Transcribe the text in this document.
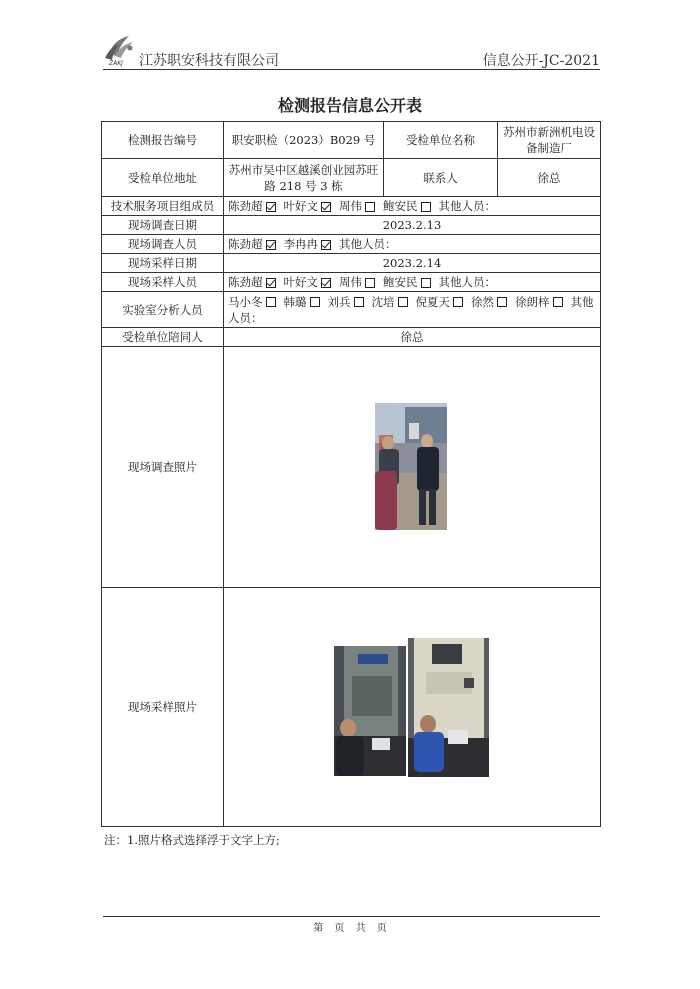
ZAKJ 江苏职安科技有限公司	信息公开-JC-2021
检测报告信息公开表
检测报告编号	职安职检（2023）B029 号	受检单位名称	苏州市新洲机电设备制造厂
受检单位地址	苏州市吴中区越溪创业园苏旺路 218 号 3 栋	联系人	徐总
技术服务项目组成员	陈劲超 叶好文 周伟 鲍安民 其他人员：		
现场调查日期	2023.2.13		
现场调查人员	陈劲超 李冉冉 其他人员：		
现场采样日期	2023.2.14		
现场采样人员	陈劲超 叶好文 周伟 鲍安民 其他人员：		
实验室分析人员	马小冬 韩璐 刘兵 沈培 倪夏天 徐然 徐朗梓 其他人员：		
受检单位陪同人	徐总		
现场调查照片	

现场采样照片	
注：1.照片格式选择浮于文字上方;
第 页 共 页
